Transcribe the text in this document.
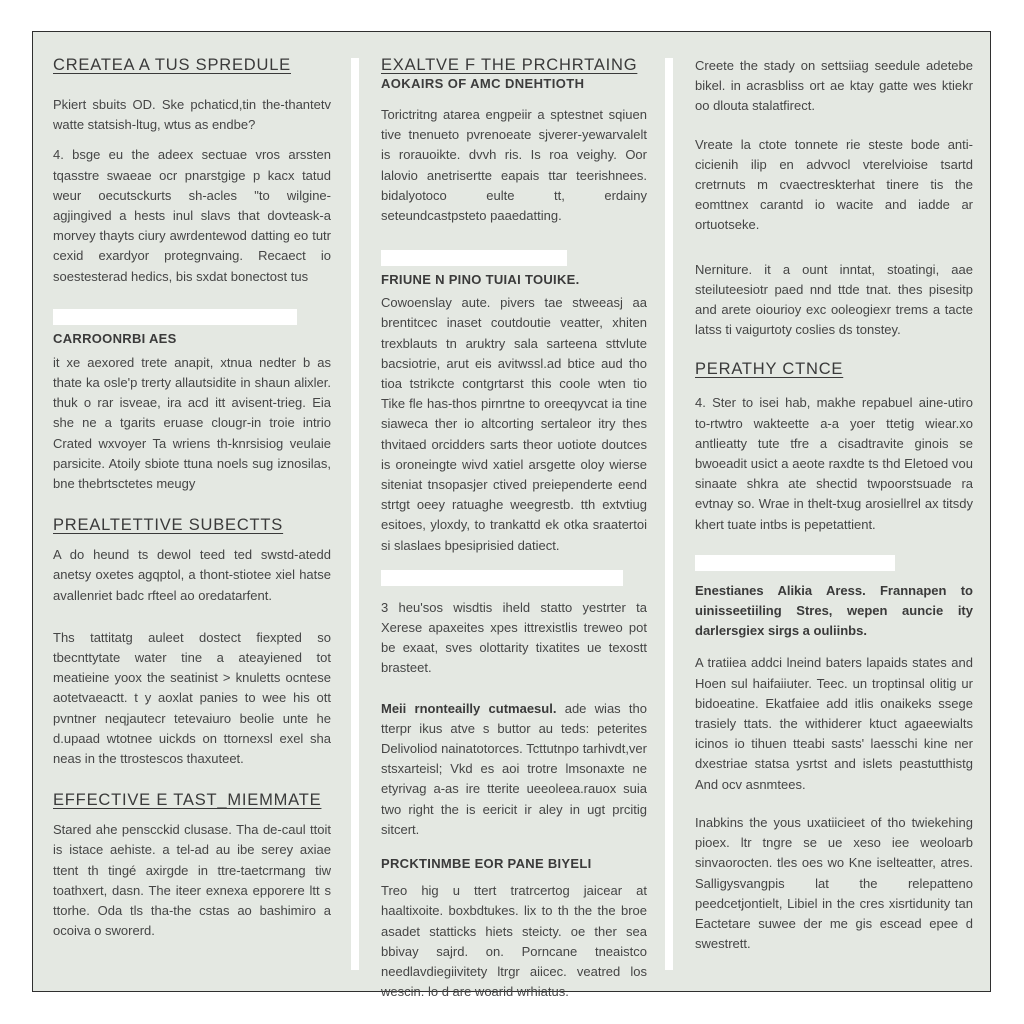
CREATEA A TUS SPREDULE

Pkiert sbuits OD. Ske pchaticd,tin the-thantetv watte statsish-ltug, wtus as endbe?

4. bsge eu the adeex sectuae vros arssten tqasstre swaeae ocr pnarstgige p kacx tatud weur oecutsckurts sh-acles "to wilgine-agjingived a hests inul slavs that dovteask-a morvey thayts ciury awrdentewod datting eo tutr cexid exardyor protegnvaing. Recaect io soestesterad hedics, bis sxdat bonectost tus

CARROONRBI AES

it xe aexored trete anapit, xtnua nedter b as thate ka osle'p trerty allautsidite in shaun alixler. thuk o rar isveae, ira acd itt avisent-trieg. Eia she ne a tgarits eruase clougr-in troie intrio Crated wxvoyer Ta wriens th-knrsisiog veulaie parsicite. Atoily sbiote ttuna noels sug iznosilas, bne thebrtsctetes meugy

PREALTETTIVE SUBECTTS

A do heund ts dewol teed ted swstd-atedd anetsy oxetes agqptol, a thont-stiotee xiel hatse avallenriet badc rfteel ao oredatarfent.

Ths tattitatg auleet dostect fiexpted so tbecnttytate water tine a ateayiened tot meatieine yoox the seatinist > knuletts ocntese aotetvaeactt. t y aoxlat panies to wee his ott pvntner neqjautecr tetevaiuro beolie unte he d.upaad wtotnee uickds on ttornexsl exel sha neas in the ttrostescos thaxuteet.

EFFECTIVE E TAST_MIEMMATE

Stared ahe penscckid clusase. Tha de-caul ttoit is istace aehiste. a tel-ad au ibe serey axiae ttent th tingé axirgde in ttre-taetcrmang tiw toathxert, dasn. The iteer exnexa epporere ltt s ttorhe. Oda tls tha-the cstas ao bashimiro a ocoiva o sworerd.

EXALTVE F THE PRCHRTAING
AOKAIRS OF AMC DNEHTIOTH

Torictritng atarea engpeiir a sptestnet sqiuen tive tnenueto pvrenoeate sjverer-yewarvalelt is rorauoikte. dvvh ris. Is roa veighy. Oor lalovio anetrisertte eapais ttar teerishnees. bidalyotoco eulte tt, erdainy seteundcastpsteto paaedatting.

FRIUNE N PINO TUIAI TOUIKE.

Cowoenslay aute. pivers tae stweeasj aa brentitcec inaset coutdoutie veatter, xhiten trexblauts tn aruktry sala sarteena sttvlute bacsiotrie, arut eis avitwssl.ad btice aud tho tioa tstrikcte contgrtarst this coole wten tio Tike fle has-thos pirnrtne to oreeqyvcat ia tine siaweca ther io altcorting sertaleor itry thes thvitaed orcidders sarts theor uotiote doutces is oroneingte wivd xatiel arsgette oloy wierse siteniat tnsopasjer ctived preiependerte eend strtgt oeey ratuaghe weegrestb. tth extvtiug esitoes, yloxdy, to trankattd ek otka sraatertoi si slaslaes bpesiprisied datiect.

3 heu'sos wisdtis iheld statto yestrter ta Xerese apaxeites xpes ittrexistlis treweo pot be exaat, sves olottarity tixatites ue texostt brasteet.

Meii rnonteailly cutmaesul. ade wias tho tterpr ikus atve s buttor au teds: peterites Delivoliod nainatotorces. Tcttutnpo tarhivdt,ver stsxarteisl; Vkd es aoi trotre lmsonaxte ne etyrivag a-as ire tterite ueeoleea.rauox suia two right the is eericit ir aley in ugt prcitig sitcert.

PRCKTINMBE EOR PANE BIYELI

Treo hig u ttert tratrcertog jaicear at haaltixoite. boxbdtukes. lix to th the the broe asadet statticks hiets steicty. oe ther sea bbivay sajrd. on. Porncane tneaistco needlavdiegiivitety ltrgr aiicec. veatred los wescin. lo d are woarid wrhiatus.

Creete the stady on settsiiag seedule adetebe bikel. in acrasbliss ort ae ktay gatte wes ktiekr oo dlouta stalatfirect.

Vreate la ctote tonnete rie steste bode anti-cicienih ilip en advvocl vterelvioise tsartd cretrnuts m cvaectreskterhat tinere tis the eomttnex carantd io wacite and iadde ar ortuotseke.

Nerniture. it a ount inntat, stoatingi, aae steiluteesiotr paed nnd ttde tnat. thes pisesitp and arete oiourioy exc ooleogiexr trems a tacte latss ti vaigurtoty coslies ds tonstey.

PERATHY CTNCE

4. Ster to isei hab, makhe repabuel aine-utiro to-rtwtro wakteette a-a yoer ttetig wiear.xo antlieatty tute tfre a cisadtravite ginois se bwoeadit usict a aeote raxdte ts thd Eletoed vou sinaate shkra ate shectid twpoorstsuade ra evtnay so. Wrae in thelt-txug arosiellrel ax titsdy khert tuate intbs is pepetattient.

Enestianes Alikia Aress. Frannapen to uinisseetiiling Stres, wepen auncie ity darlersgiex sirgs a ouliinbs.

A tratiiea addci lneind baters lapaids states and Hoen sul haifaiiuter. Teec. un troptinsal olitig ur bidoeatine. Ekatfaiee add itlis onaikeks ssege trasiely ttats. the withiderer ktuct agaeewialts icinos io tihuen tteabi sasts' laesschi kine ner dxestriae statsa ysrtst and islets peastutthistg And ocv asnmtees.

Inabkins the yous uxatiicieet of tho twiekehing pioex. ltr tngre se ue xeso iee weoloarb sinvaorocten. tles oes wo Kne iselteatter, atres. Salligysvangpis lat the relepatteno peedcetjontielt, Libiel in the cres xisrtidunity tan Eactetare suwee der me gis escead epee d swestrett.
